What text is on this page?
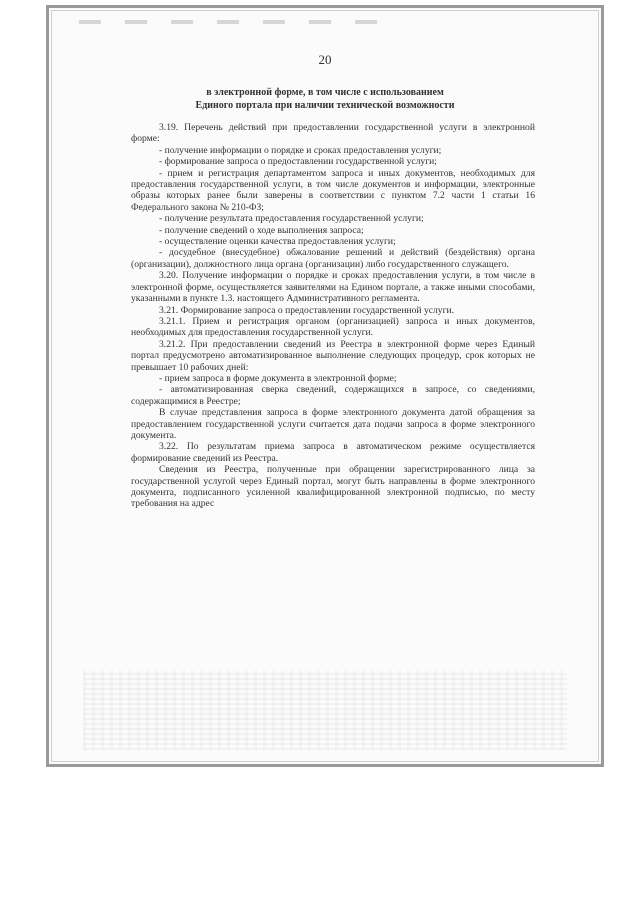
20
в электронной форме, в том числе с использованием
Единого портала при наличии технической возможности

3.19. Перечень действий при предоставлении государственной услуги в электронной форме:

- получение информации о порядке и сроках предоставления услуги;

- формирование запроса о предоставлении государственной услуги;

- прием и регистрация департаментом запроса и иных документов, необходимых для предоставления государственной услуги, в том числе документов и информации, электронные образы которых ранее были заверены в соответствии с пунктом 7.2 части 1 статьи 16 Федерального закона № 210-ФЗ;

- получение результата предоставления государственной услуги;

- получение сведений о ходе выполнения запроса;

- осуществление оценки качества предоставления услуги;

- досудебное (внесудебное) обжалование решений и действий (бездействия) органа (организации), должностного лица органа (организации) либо государственного служащего.

3.20. Получение информации о порядке и сроках предоставления услуги, в том числе в электронной форме, осуществляется заявителями на Едином портале, а также иными способами, указанными в пункте 1.3. настоящего Административного регламента.

3.21. Формирование запроса о предоставлении государственной услуги.

3.21.1. Прием и регистрация органом (организацией) запроса и иных документов, необходимых для предоставления государственной услуги.

3.21.2. При предоставлении сведений из Реестра в электронной форме через Единый портал предусмотрено автоматизированное выполнение следующих процедур, срок которых не превышает 10 рабочих дней:

- прием запроса в форме документа в электронной форме;

- автоматизированная сверка сведений, содержащихся в запросе, со сведениями, содержащимися в Реестре;

В случае представления запроса в форме электронного документа датой обращения за предоставлением государственной услуги считается дата подачи запроса в форме электронного документа.

3.22. По результатам приема запроса в автоматическом режиме осуществляется формирование сведений из Реестра.

Сведения из Реестра, полученные при обращении зарегистрированного лица за государственной услугой через Единый портал, могут быть направлены в форме электронного документа, подписанного усиленной квалифицированной электронной подписью, по месту требования на адрес
